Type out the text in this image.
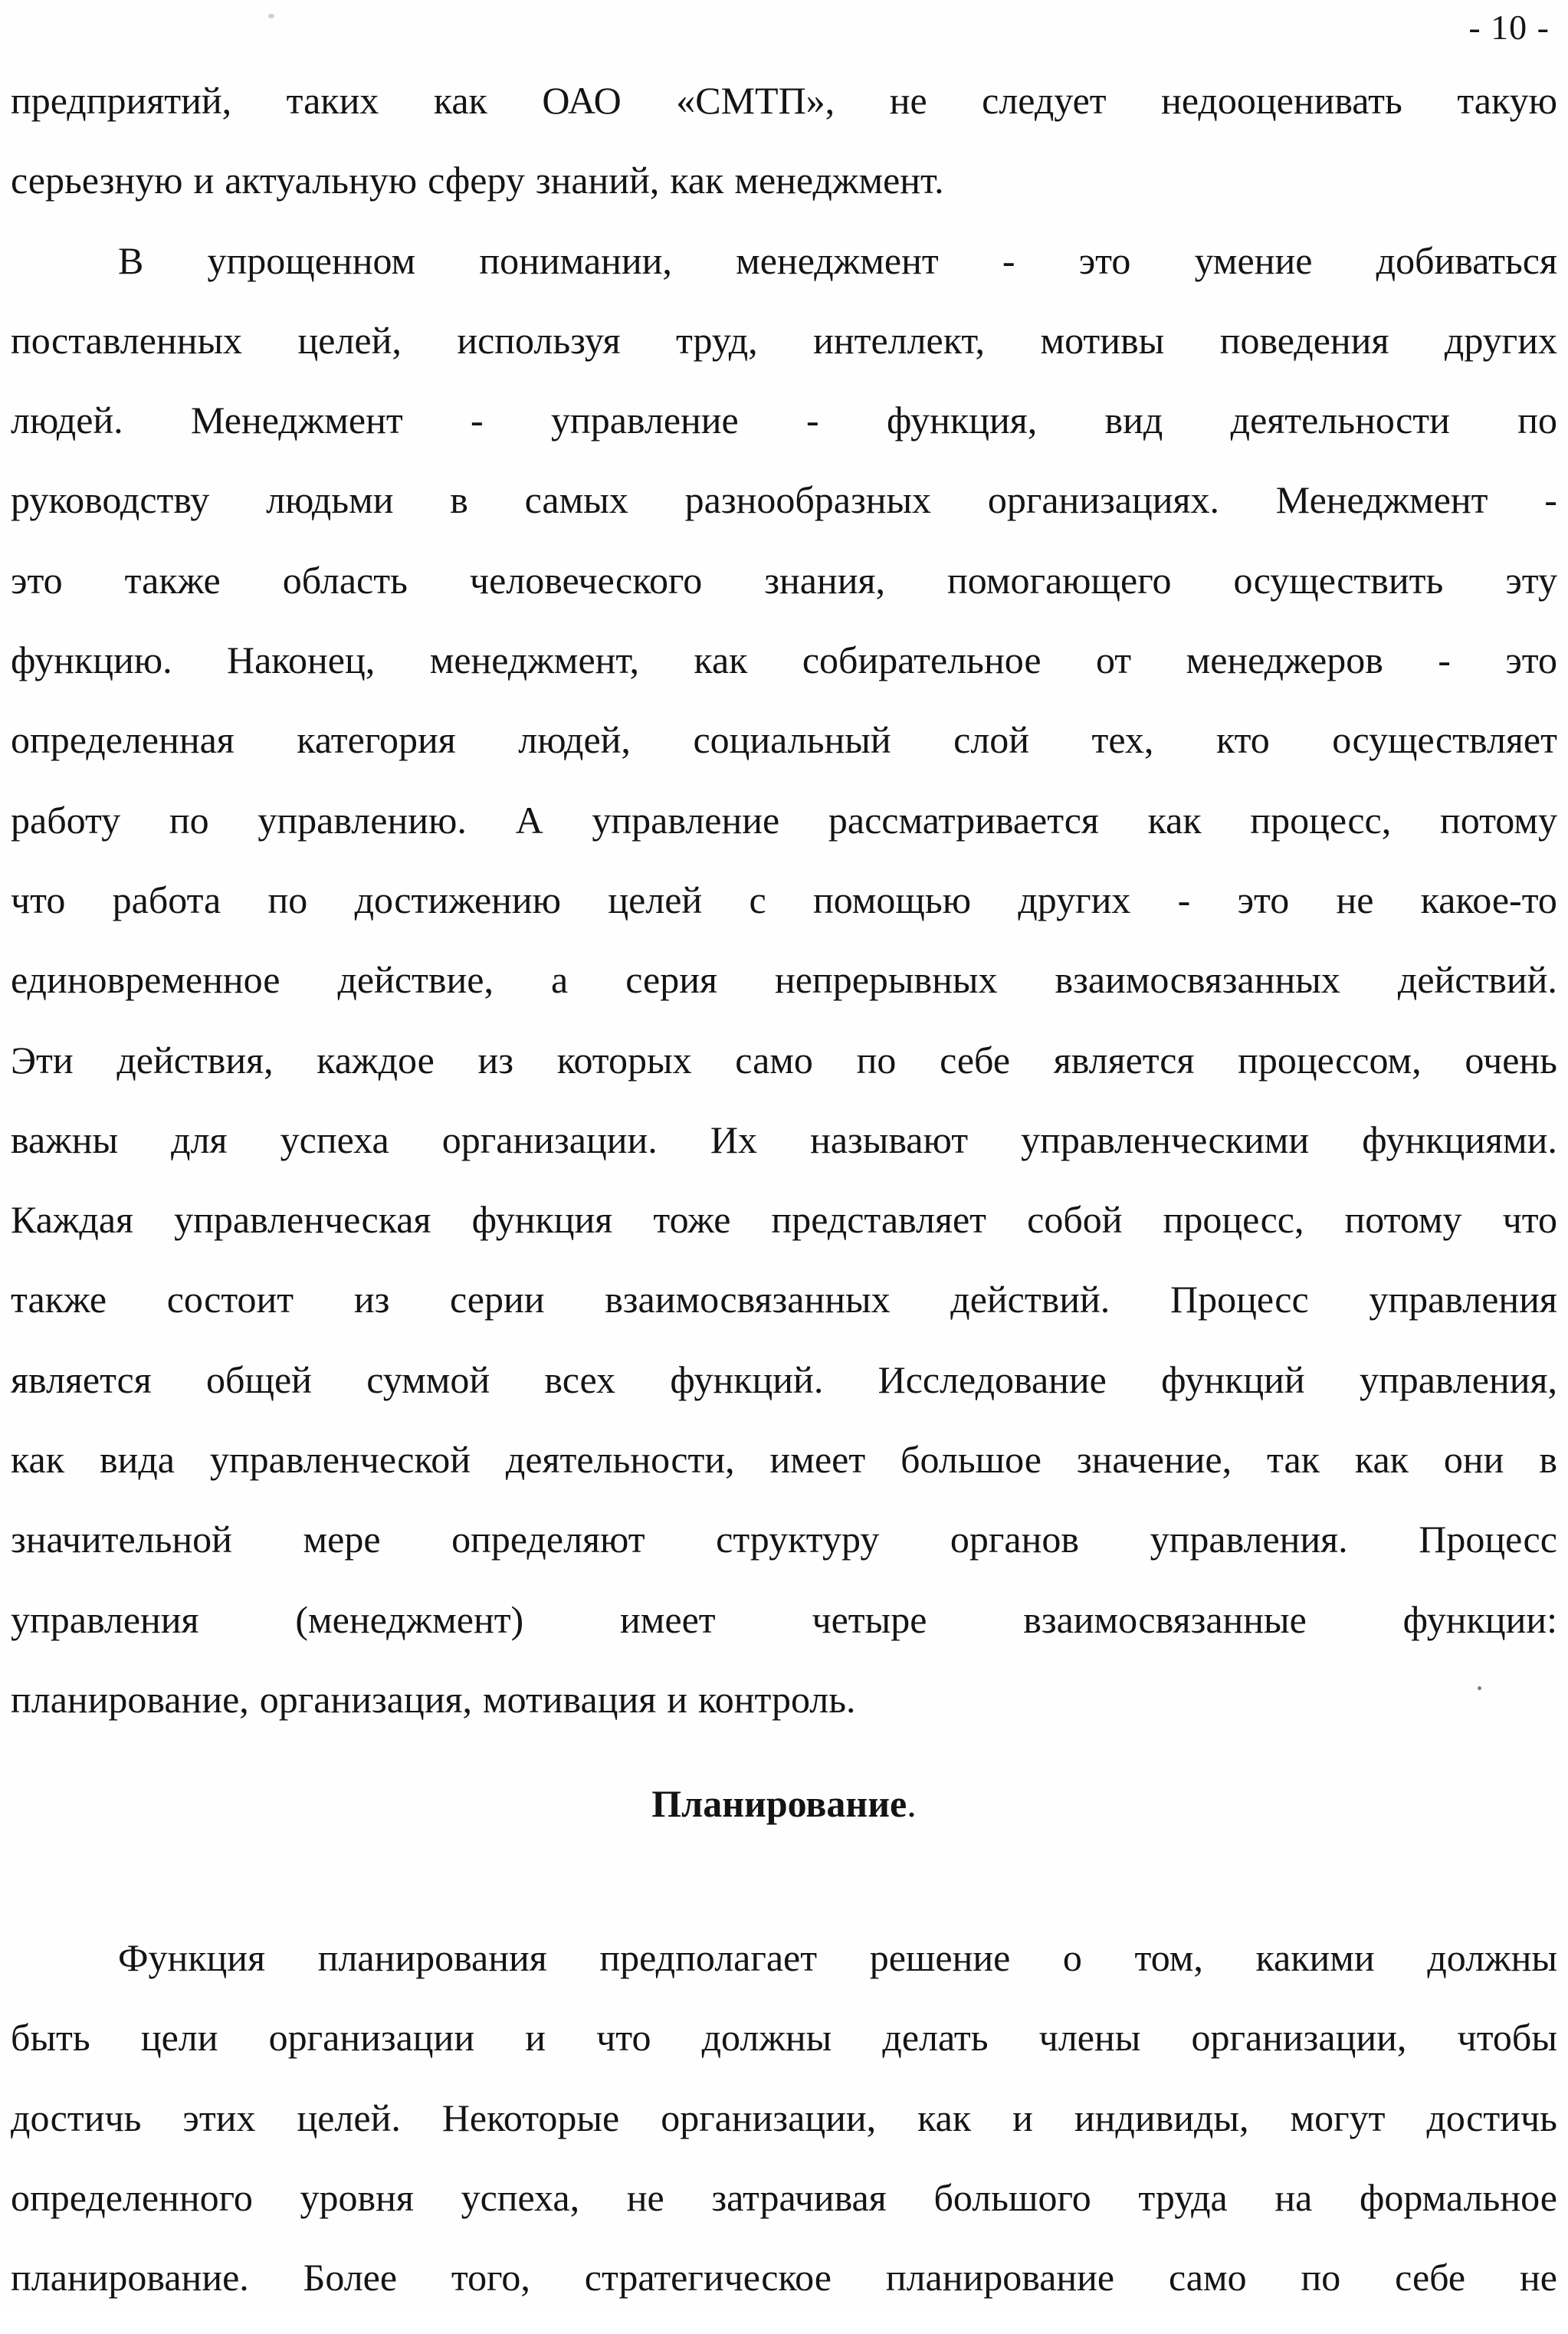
- 10 -
предприятий, таких как ОАО «СМТП», не следует недооценивать такую
серьезную и актуальную сферу знаний, как менеджмент.
В упрощенном понимании, менеджмент - это умение добиваться
поставленных целей, используя труд, интеллект, мотивы поведения других
людей. Менеджмент - управление - функция, вид деятельности по
руководству людьми в самых разнообразных организациях. Менеджмент -
это также область человеческого знания, помогающего осуществить эту
функцию. Наконец, менеджмент, как собирательное от менеджеров - это
определенная категория людей, социальный слой тех, кто осуществляет
работу по управлению. А управление рассматривается как процесс, потому
что работа по достижению целей с помощью других - это не какое-то
единовременное действие, а серия непрерывных взаимосвязанных действий.
Эти действия, каждое из которых само по себе является процессом, очень
важны для успеха организации. Их называют управленческими функциями.
Каждая управленческая функция тоже представляет собой процесс, потому что
также состоит из серии взаимосвязанных действий. Процесс управления
является общей суммой всех функций. Исследование функций управления,
как вида управленческой деятельности, имеет большое значение, так как они в
значительной мере определяют структуру органов управления. Процесс
управления	(менеджмент)	имеет	четыре	взаимосвязанные	функции:
планирование, организация, мотивация и контроль.
Планирование.
Функция планирования предполагает решение о том, какими должны
быть цели организации и что должны делать члены организации, чтобы
достичь этих целей. Некоторые организации, как и индивиды, могут достичь
определенного уровня успеха, не затрачивая большого труда на формальное
планирование. Более того, стратегическое планирование само по себе не
